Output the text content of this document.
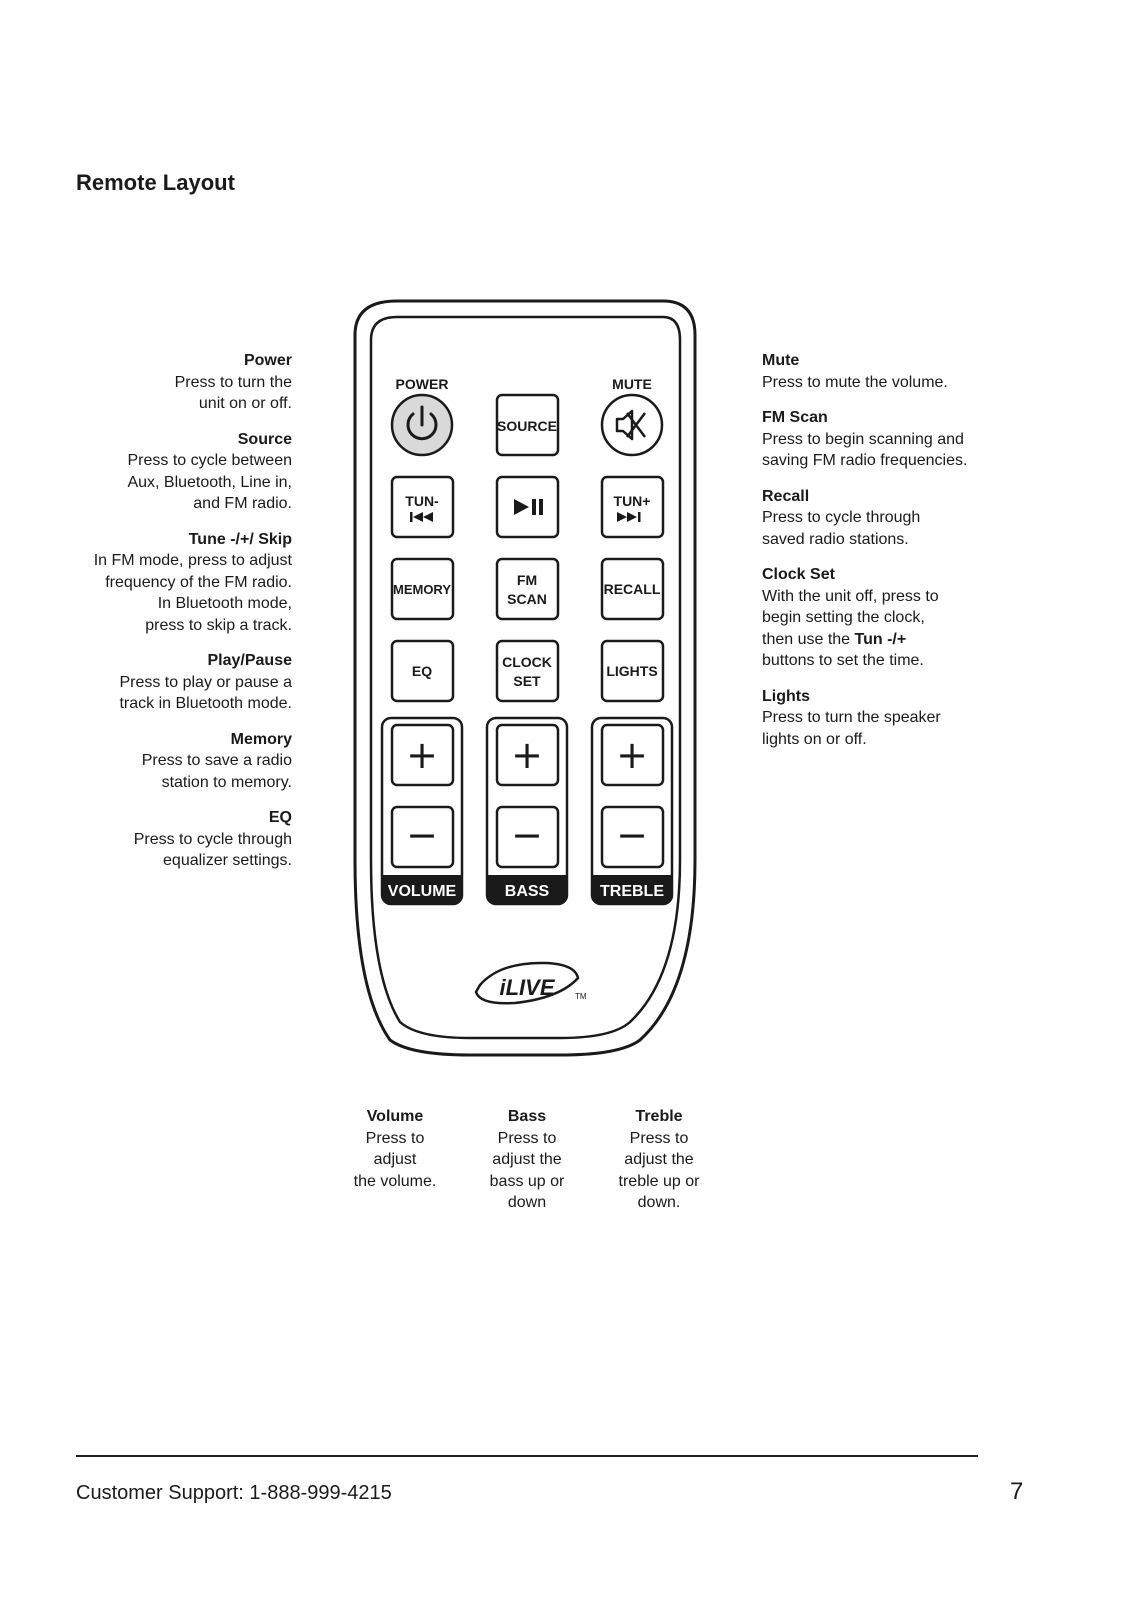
Remote Layout
Power
Press to turn the
unit on or off.
Source
Press to cycle between
Aux, Bluetooth, Line in,
and FM radio.
Tune -/+/ Skip
In FM mode, press to adjust
frequency of the FM radio.
In Bluetooth mode,
press to skip a track.
Play/Pause
Press to play or pause a
track in Bluetooth mode.
Memory
Press to save a radio
station to memory.
EQ
Press to cycle through
equalizer settings.
Mute
Press to mute the volume.
FM Scan
Press to begin scanning and
saving FM radio frequencies.
Recall
Press to cycle through
saved radio stations.
Clock Set
With the unit off, press to
begin setting the clock,
then use the Tun -/+
buttons to set the time.
Lights
Press to turn the speaker
lights on or off.
Volume
Press to
adjust
the volume.
Bass
Press to
adjust the
bass up or
down
Treble
Press to
adjust the
treble up or
down.
POWER	MUTE
SOURCE
TUN-	TUN+
MEMORY
FM
SCAN
RECALL
EQ
CLOCK
SET
LIGHTS
VOLUME
+
−
BASS
+
−
TREBLE
+
−
iLIVE	TM
Customer Support: 1-888-999-4215	7
